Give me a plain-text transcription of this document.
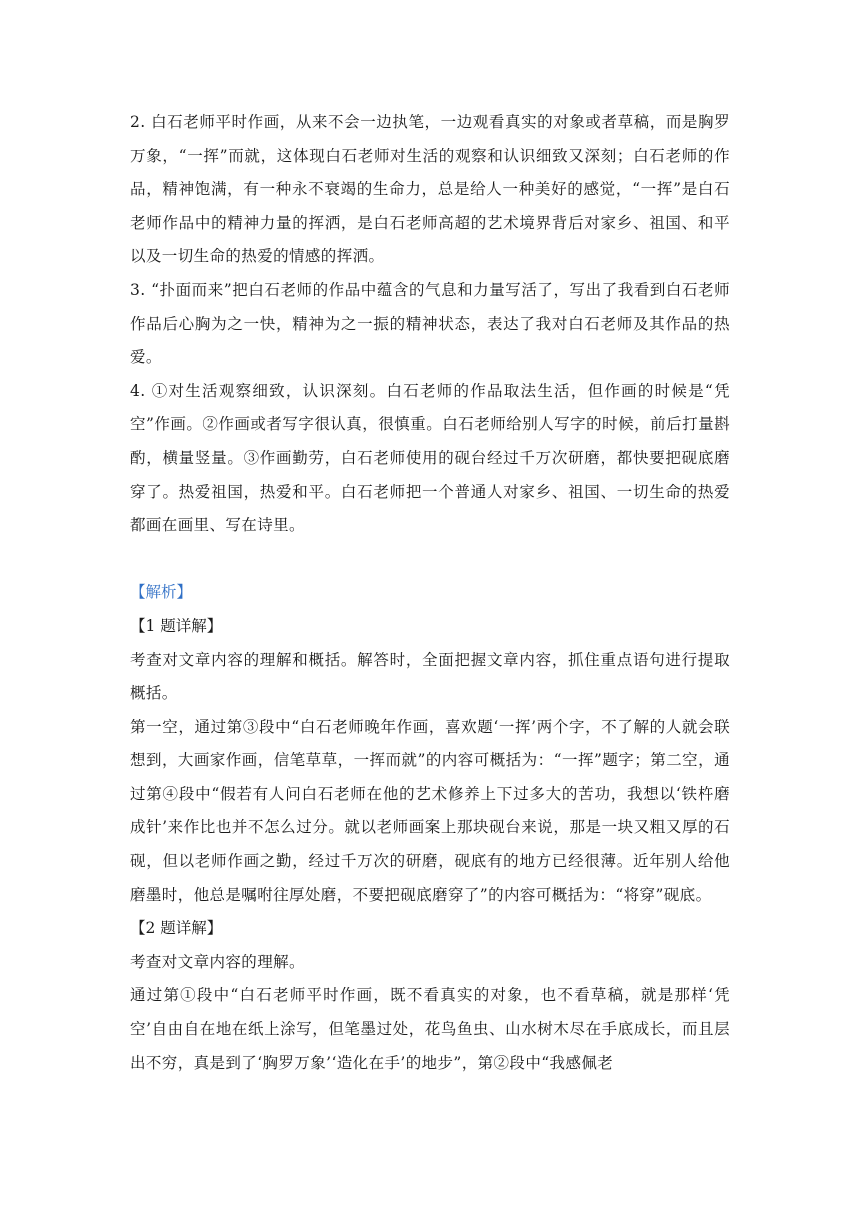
2. 白石老师平时作画，从来不会一边执笔，一边观看真实的对象或者草稿，而是胸罗万象，“一挥”而就，这体现白石老师对生活的观察和认识细致又深刻；白石老师的作品，精神饱满，有一种永不衰竭的生命力，总是给人一种美好的感觉，“一挥”是白石老师作品中的精神力量的挥洒，是白石老师高超的艺术境界背后对家乡、祖国、和平以及一切生命的热爱的情感的挥洒。

3. “扑面而来”把白石老师的作品中蕴含的气息和力量写活了，写出了我看到白石老师作品后心胸为之一快，精神为之一振的精神状态，表达了我对白石老师及其作品的热爱。

4. ①对生活观察细致，认识深刻。白石老师的作品取法生活，但作画的时候是“凭空”作画。②作画或者写字很认真，很慎重。白石老师给别人写字的时候，前后打量斟酌，横量竖量。③作画勤劳，白石老师使用的砚台经过千万次研磨，都快要把砚底磨穿了。热爱祖国，热爱和平。白石老师把一个普通人对家乡、祖国、一切生命的热爱都画在画里、写在诗里。

【解析】

【1 题详解】

考查对文章内容的理解和概括。解答时，全面把握文章内容，抓住重点语句进行提取概括。

第一空，通过第③段中“白石老师晚年作画，喜欢题‘一挥’两个字，不了解的人就会联想到，大画家作画，信笔草草，一挥而就”的内容可概括为：“一挥”题字；第二空，通过第④段中“假若有人问白石老师在他的艺术修养上下过多大的苦功，我想以‘铁杵磨成针’来作比也并不怎么过分。就以老师画案上那块砚台来说，那是一块又粗又厚的石砚，但以老师作画之勤，经过千万次的研磨，砚底有的地方已经很薄。近年别人给他磨墨时，他总是嘱咐往厚处磨，不要把砚底磨穿了”的内容可概括为：“将穿”砚底。

【2 题详解】

考查对文章内容的理解。

通过第①段中“白石老师平时作画，既不看真实的对象，也不看草稿，就是那样‘凭空’自由自在地在纸上涂写，但笔墨过处，花鸟鱼虫、山水树木尽在手底成长，而且层出不穷，真是到了‘胸罗万象’‘造化在手’的地步”，第②段中“我感佩老
